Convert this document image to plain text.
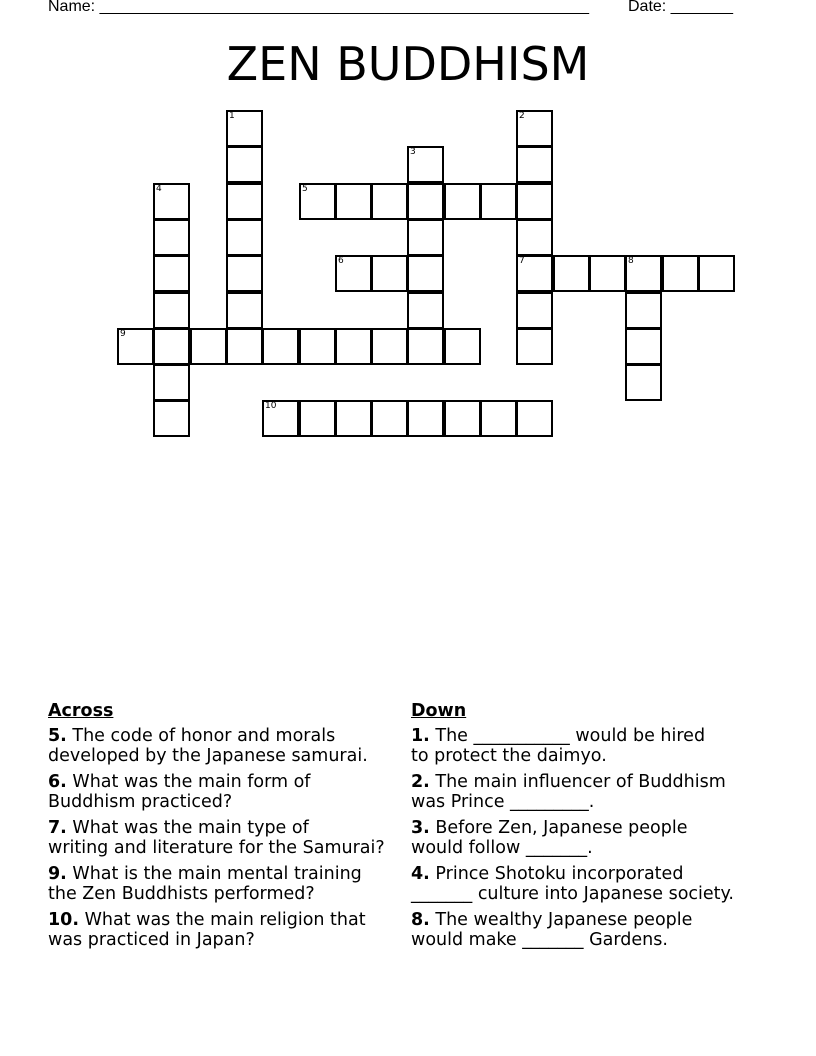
Name: _______________________________________________________ Date: _______
ZEN BUDDHISM
5
6	7	8
9
10
1	2
3
4
Across
5. The code of honor and morals
developed by the Japanese samurai.
6. What was the main form of
Buddhism practiced?
7. What was the main type of
writing and literature for the Samurai?
9. What is the main mental training
the Zen Buddhists performed?
10. What was the main religion that
was practiced in Japan?
Down
1. The ___________ would be hired
to protect the daimyo.
2. The main influencer of Buddhism
was Prince _________.
3. Before Zen, Japanese people
would follow _______.
4. Prince Shotoku incorporated
_______ culture into Japanese society.
8. The wealthy Japanese people
would make _______ Gardens.
